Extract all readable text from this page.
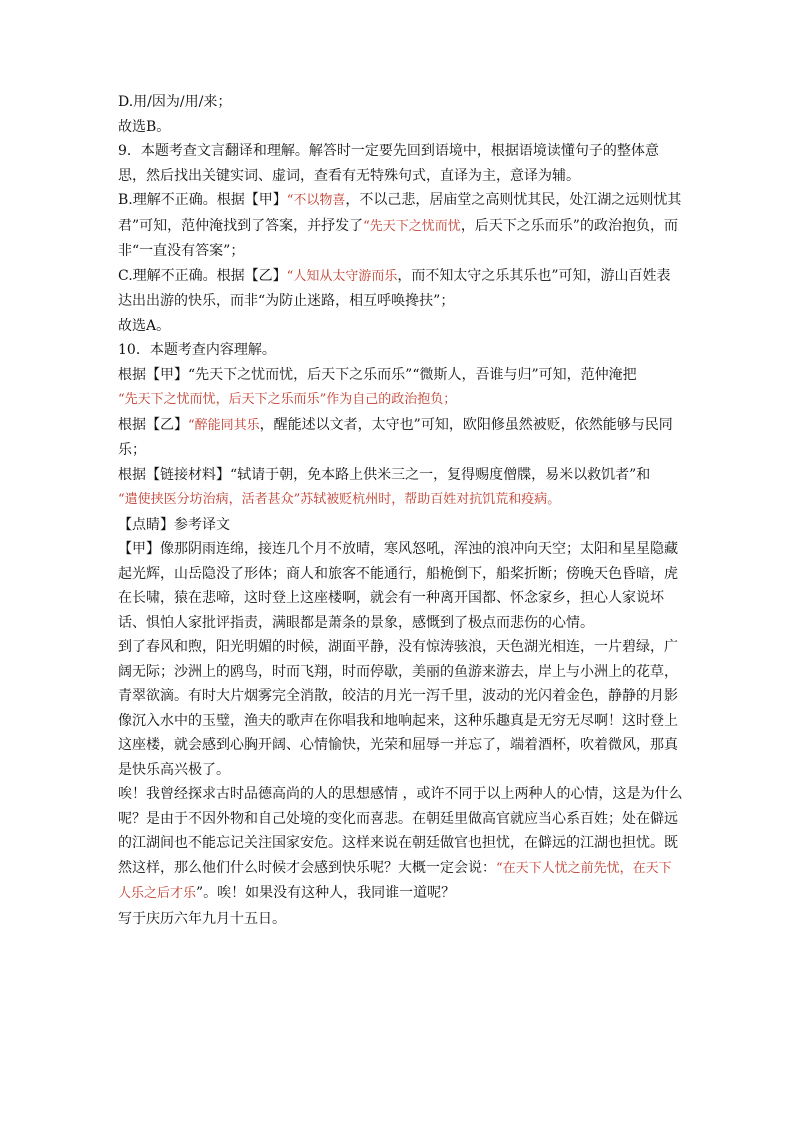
D.用/因为/用/来；

故选B。

9．本题考查文言翻译和理解。解答时一定要先回到语境中，根据语境读懂句子的整体意思，然后找出关键实词、虚词，查看有无特殊句式，直译为主，意译为辅。

B.理解不正确。根据【甲】“不以物喜，不以己悲，居庙堂之高则忧其民，处江湖之远则忧其君”可知，范仲淹找到了答案，并抒发了“先天下之忧而忧，后天下之乐而乐”的政治抱负，而非“一直没有答案”；

C.理解不正确。根据【乙】“人知从太守游而乐，而不知太守之乐其乐也”可知，游山百姓表达出出游的快乐，而非“为防止迷路，相互呼唤搀扶”；

故选A。

10．本题考查内容理解。

根据【甲】“先天下之忧而忧，后天下之乐而乐”“微斯人，吾谁与归”可知，范仲淹把

“先天下之忧而忧，后天下之乐而乐”作为自己的政治抱负；

根据【乙】“醉能同其乐，醒能述以文者，太守也”可知，欧阳修虽然被贬，依然能够与民同乐；

根据【链接材料】“轼请于朝，免本路上供米三之一，复得赐度僧牒，易米以救饥者”和

“遣使挟医分坊治病，活者甚众”苏轼被贬杭州时，帮助百姓对抗饥荒和疫病。

【点睛】参考译文

【甲】像那阴雨连绵，接连几个月不放晴，寒风怒吼，浑浊的浪冲向天空；太阳和星星隐藏起光辉，山岳隐没了形体；商人和旅客不能通行，船桅倒下，船桨折断；傍晚天色昏暗，虎在长啸，猿在悲啼，这时登上这座楼啊，就会有一种离开国都、怀念家乡，担心人家说坏话、惧怕人家批评指责，满眼都是萧条的景象，感慨到了极点而悲伤的心情。

到了春风和煦，阳光明媚的时候，湖面平静，没有惊涛骇浪，天色湖光相连，一片碧绿，广阔无际；沙洲上的鸥鸟，时而飞翔，时而停歇，美丽的鱼游来游去，岸上与小洲上的花草，青翠欲滴。有时大片烟雾完全消散，皎洁的月光一泻千里，波动的光闪着金色，静静的月影像沉入水中的玉璧，渔夫的歌声在你唱我和地响起来，这种乐趣真是无穷无尽啊！这时登上这座楼，就会感到心胸开阔、心情愉快，光荣和屈辱一并忘了，端着酒杯，吹着微风，那真是快乐高兴极了。

唉！我曾经探求古时品德高尚的人的思想感情 ，或许不同于以上两种人的心情，这是为什么呢？是由于不因外物和自己处境的变化而喜悲。在朝廷里做高官就应当心系百姓；处在僻远的江湖间也不能忘记关注国家安危。这样来说在朝廷做官也担忧，在僻远的江湖也担忧。既然这样，那么他们什么时候才会感到快乐呢？大概一定会说：“在天下人忧之前先忧，在天下人乐之后才乐”。唉！如果没有这种人，我同谁一道呢？

写于庆历六年九月十五日。
